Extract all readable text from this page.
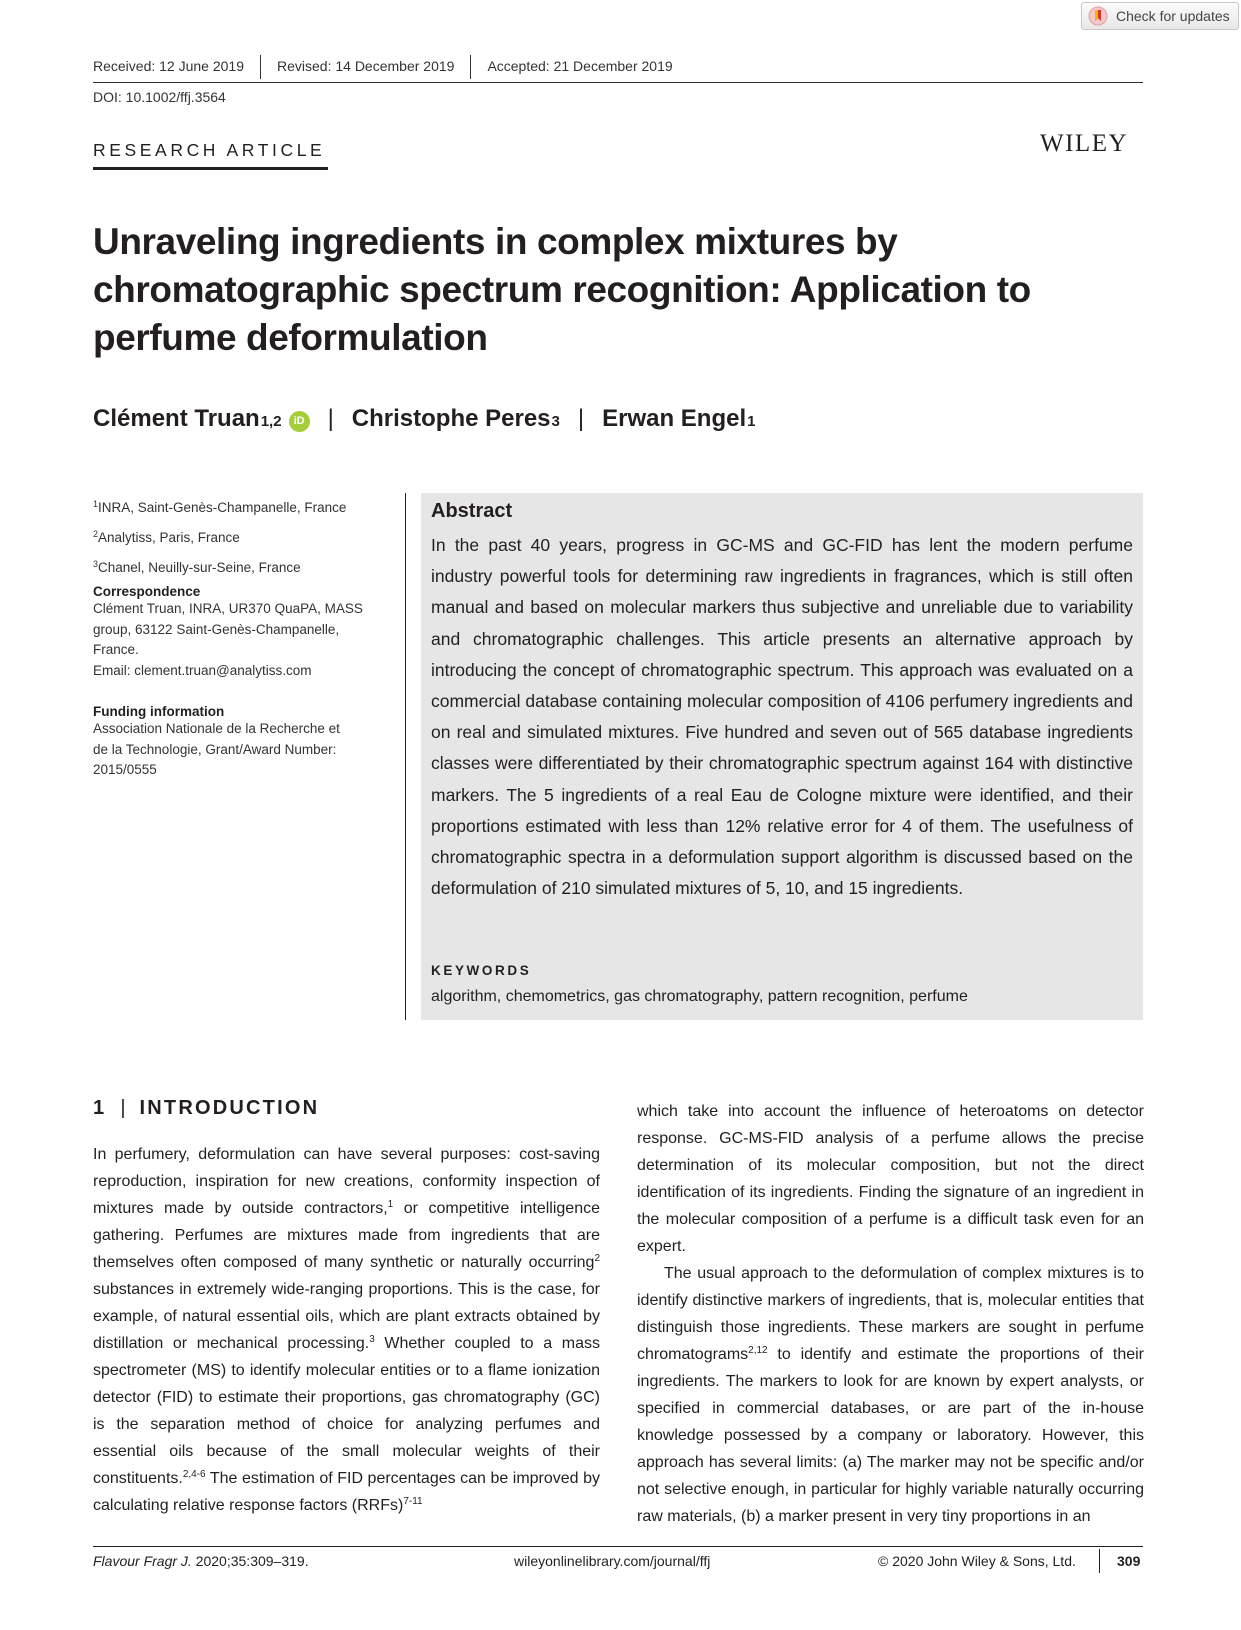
Check for updates
Received: 12 June 2019 Revised: 14 December 2019 Accepted: 21 December 2019
DOI: 10.1002/ffj.3564
RESEARCH ARTICLE	WILEY
Unraveling ingredients in complex mixtures by chromatographic spectrum recognition: Application to perfume deformulation
Clément Truan 1,2	iD | Christophe Peres 3 | Erwan Engel 1
$^1$INRA, Saint-Genès-Champanelle, France
$^2$Analytiss, Paris, France
$^3$Chanel, Neuilly-sur-Seine, France
Correspondence
Clément Truan, INRA, UR370 QuaPA, MASS
group, 63122 Saint-Genès-Champanelle,
France.
Email: clement.truan@analytiss.com
Funding information
Association Nationale de la Recherche et
de la Technologie, Grant/Award Number:
2015/0555
Abstract
In the past 40 years, progress in GC-MS and GC-FID has lent the modern perfume industry powerful tools for determining raw ingredients in fragrances, which is still often manual and based on molecular markers thus subjective and unreliable due to variability and chromatographic challenges. This article presents an alternative approach by introducing the concept of chromatographic spectrum. This approach was evaluated on a commercial database containing molecular composition of 4106 perfumery ingredients and on real and simulated mixtures. Five hundred and seven out of 565 database ingredients classes were differentiated by their chromatographic spectrum against 164 with distinctive markers. The 5 ingredients of a real Eau de Cologne mixture were identified, and their proportions estimated with less than 12% relative error for 4 of them. The usefulness of chromatographic spectra in a deformulation support algorithm is discussed based on the deformulation of 210 simulated mixtures of 5, 10, and 15 ingredients.
KEYWORDS
algorithm, chemometrics, gas chromatography, pattern recognition, perfume
1 | INTRODUCTION

In perfumery, deformulation can have several purposes: cost-saving reproduction, inspiration for new creations, conformity inspection of mixtures made by outside contractors,$^1$ or competitive intelligence gathering. Perfumes are mixtures made from ingredients that are themselves often composed of many synthetic or naturally occurring$^2$ substances in extremely wide-ranging proportions. This is the case, for example, of natural essential oils, which are plant extracts obtained by distillation or mechanical processing.$^3$ Whether coupled to a mass spectrometer (MS) to identify molecular entities or to a flame ionization detector (FID) to estimate their proportions, gas chromatography (GC) is the separation method of choice for analyzing perfumes and essential oils because of the small molecular weights of their constituents.$^{2,4-6}$ The estimation of FID percentages can be improved by calculating relative response factors (RRFs)$^{7-11}$

which take into account the influence of heteroatoms on detector response. GC-MS-FID analysis of a perfume allows the precise determination of its molecular composition, but not the direct identification of its ingredients. Finding the signature of an ingredient in the molecular composition of a perfume is a difficult task even for an expert.

The usual approach to the deformulation of complex mixtures is to identify distinctive markers of ingredients, that is, molecular entities that distinguish those ingredients. These markers are sought in perfume chromatograms$^{2,12}$ to identify and estimate the proportions of their ingredients. The markers to look for are known by expert analysts, or specified in commercial databases, or are part of the in-house knowledge possessed by a company or laboratory. However, this approach has several limits: (a) The marker may not be specific and/or not selective enough, in particular for highly variable naturally occurring raw materials, (b) a marker present in very tiny proportions in an

Flavour Fragr J. 2020;35:309–319.	wileyonlinelibrary.com/journal/ffj	© 2020 John Wiley & Sons, Ltd.	309
